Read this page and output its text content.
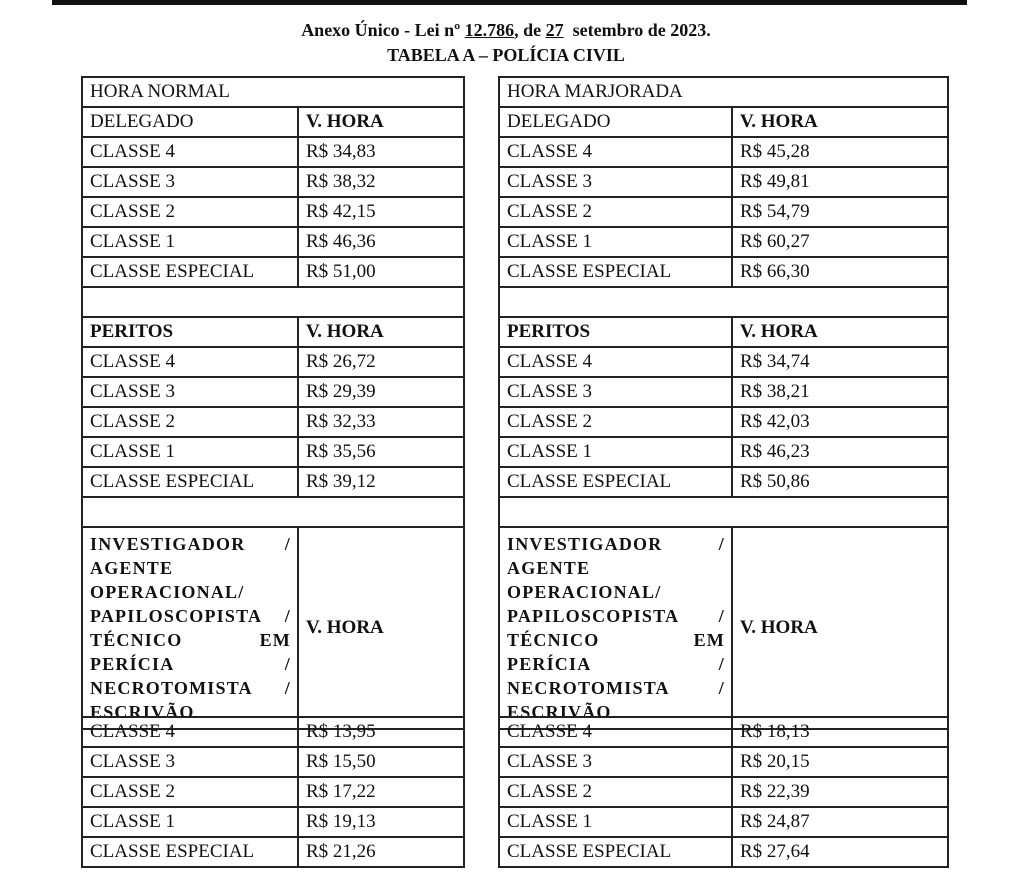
Anexo Único - Lei nº 12.786, de 27  setembro de 2023.
TABELA A – POLÍCIA CIVIL
HORA NORMAL	
DELEGADO	V. HORA
CLASSE 4	R$ 34,83
CLASSE 3	R$ 38,32
CLASSE 2	R$ 42,15
CLASSE 1	R$ 46,36
CLASSE ESPECIAL	R$ 51,00

PERITOS	V. HORA
CLASSE 4	R$ 26,72
CLASSE 3	R$ 29,39
CLASSE 2	R$ 32,33
CLASSE 1	R$ 35,56
CLASSE ESPECIAL	R$ 39,12

INVESTIGADOR / AGENTE OPERACIONAL/ PAPILOSCOPISTA / TÉCNICO EM PERÍCIA / NECROTOMISTA / ESCRIVÃO	V. HORA
CLASSE 4	R$ 13,95
CLASSE 3	R$ 15,50
CLASSE 2	R$ 17,22
CLASSE 1	R$ 19,13
CLASSE ESPECIAL	R$ 21,26
HORA MARJORADA	
DELEGADO	V. HORA
CLASSE 4	R$ 45,28
CLASSE 3	R$ 49,81
CLASSE 2	R$ 54,79
CLASSE 1	R$ 60,27
CLASSE ESPECIAL	R$ 66,30

PERITOS	V. HORA
CLASSE 4	R$ 34,74
CLASSE 3	R$ 38,21
CLASSE 2	R$ 42,03
CLASSE 1	R$ 46,23
CLASSE ESPECIAL	R$ 50,86

INVESTIGADOR / AGENTE OPERACIONAL/ PAPILOSCOPISTA / TÉCNICO EM PERÍCIA / NECROTOMISTA / ESCRIVÃO	V. HORA
CLASSE 4	R$ 18,13
CLASSE 3	R$ 20,15
CLASSE 2	R$ 22,39
CLASSE 1	R$ 24,87
CLASSE ESPECIAL	R$ 27,64
